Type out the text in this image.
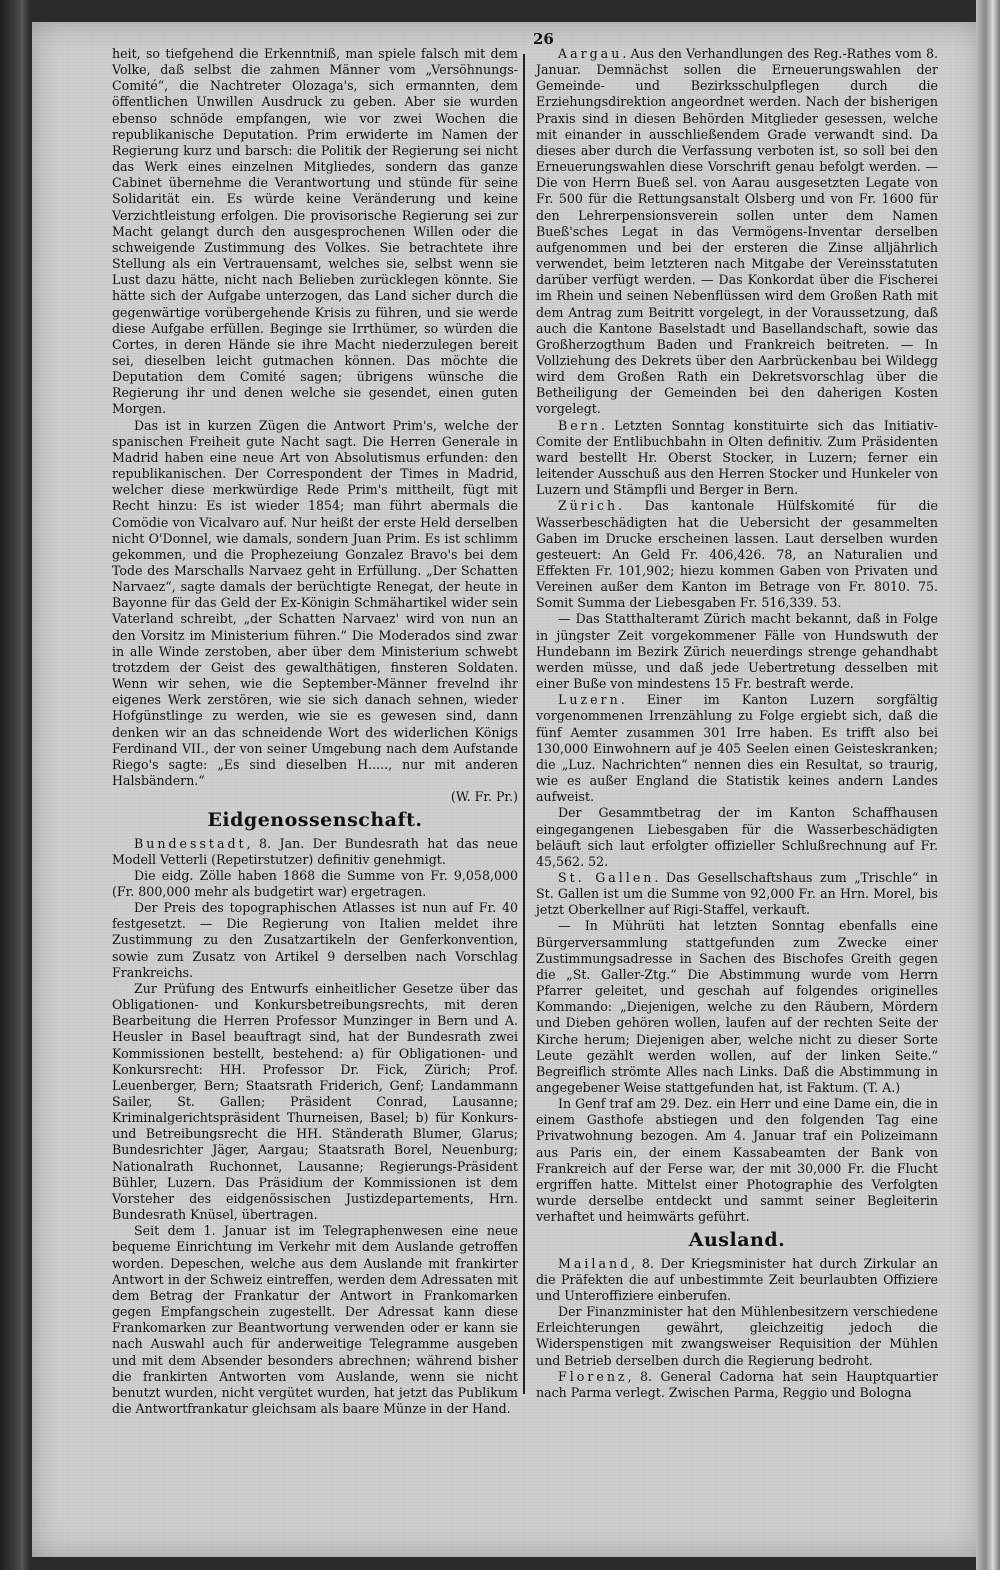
26

heit, so tiefgehend die Erkenntniß, man spiele falsch mit dem Volke, daß selbst die zahmen Männer vom „Versöhnungs-Comité“, die Nachtreter Olozaga's, sich ermannten, dem öffentlichen Unwillen Ausdruck zu geben. Aber sie wurden ebenso schnöde empfangen, wie vor zwei Wochen die republikanische Deputation. Prim erwiderte im Namen der Regierung kurz und barsch: die Politik der Regierung sei nicht das Werk eines einzelnen Mitgliedes, sondern das ganze Cabinet übernehme die Verantwortung und stünde für seine Solidarität ein. Es würde keine Veränderung und keine Verzichtleistung erfolgen. Die provisorische Regierung sei zur Macht gelangt durch den ausgesprochenen Willen oder die schweigende Zustimmung des Volkes. Sie betrachtete ihre Stellung als ein Vertrauensamt, welches sie, selbst wenn sie Lust dazu hätte, nicht nach Belieben zurücklegen könnte. Sie hätte sich der Aufgabe unterzogen, das Land sicher durch die gegenwärtige vorübergehende Krisis zu führen, und sie werde diese Aufgabe erfüllen. Beginge sie Irrthümer, so würden die Cortes, in deren Hände sie ihre Macht niederzulegen bereit sei, dieselben leicht gutmachen können. Das möchte die Deputation dem Comité sagen; übrigens wünsche die Regierung ihr und denen welche sie gesendet, einen guten Morgen.

Das ist in kurzen Zügen die Antwort Prim's, welche der spanischen Freiheit gute Nacht sagt. Die Herren Generale in Madrid haben eine neue Art von Absolutismus erfunden: den republikanischen. Der Correspondent der Times in Madrid, welcher diese merkwürdige Rede Prim's mittheilt, fügt mit Recht hinzu: Es ist wieder 1854; man führt abermals die Comödie von Vicalvaro auf. Nur heißt der erste Held derselben nicht O'Donnel, wie damals, sondern Juan Prim. Es ist schlimm gekommen, und die Prophezeiung Gonzalez Bravo's bei dem Tode des Marschalls Narvaez geht in Erfüllung. „Der Schatten Narvaez“, sagte damals der berüchtigte Renegat, der heute in Bayonne für das Geld der Ex-Königin Schmähartikel wider sein Vaterland schreibt, „der Schatten Narvaez' wird von nun an den Vorsitz im Ministerium führen.“ Die Moderados sind zwar in alle Winde zerstoben, aber über dem Ministerium schwebt trotzdem der Geist des gewalthätigen, finsteren Soldaten. Wenn wir sehen, wie die September-Männer frevelnd ihr eigenes Werk zerstören, wie sie sich danach sehnen, wieder Hofgünstlinge zu werden, wie sie es gewesen sind, dann denken wir an das schneidende Wort des widerlichen Königs Ferdinand VII., der von seiner Umgebung nach dem Aufstande Riego's sagte: „Es sind dieselben H....., nur mit anderen Halsbändern.“

(W. Fr. Pr.)

Eidgenossenschaft.

Bundesstadt, 8. Jan. Der Bundesrath hat das neue Modell Vetterli (Repetirstutzer) definitiv genehmigt.

Die eidg. Zölle haben 1868 die Summe von Fr. 9,058,000 (Fr. 800,000 mehr als budgetirt war) ergetragen.

Der Preis des topographischen Atlasses ist nun auf Fr. 40 festgesetzt. — Die Regierung von Italien meldet ihre Zustimmung zu den Zusatzartikeln der Genferkonvention, sowie zum Zusatz von Artikel 9 derselben nach Vorschlag Frankreichs.

Zur Prüfung des Entwurfs einheitlicher Gesetze über das Obligationen- und Konkursbetreibungsrechts, mit deren Bearbeitung die Herren Professor Munzinger in Bern und A. Heusler in Basel beauftragt sind, hat der Bundesrath zwei Kommissionen bestellt, bestehend: a) für Obligationen- und Konkursrecht: HH. Professor Dr. Fick, Zürich; Prof. Leuenberger, Bern; Staatsrath Friderich, Genf; Landammann Sailer, St. Gallen; Präsident Conrad, Lausanne; Kriminalgerichtspräsident Thurneisen, Basel; b) für Konkurs- und Betreibungsrecht die HH. Ständerath Blumer, Glarus; Bundesrichter Jäger, Aargau; Staatsrath Borel, Neuenburg; Nationalrath Ruchonnet, Lausanne; Regierungs-Präsident Bühler, Luzern. Das Präsidium der Kommissionen ist dem Vorsteher des eidgenössischen Justizdepartements, Hrn. Bundesrath Knüsel, übertragen.

Seit dem 1. Januar ist im Telegraphenwesen eine neue bequeme Einrichtung im Verkehr mit dem Auslande getroffen worden. Depeschen, welche aus dem Auslande mit frankirter Antwort in der Schweiz eintreffen, werden dem Adressaten mit dem Betrag der Frankatur der Antwort in Frankomarken gegen Empfangschein zugestellt. Der Adressat kann diese Frankomarken zur Beantwortung verwenden oder er kann sie nach Auswahl auch für anderweitige Telegramme ausgeben und mit dem Absender besonders abrechnen; während bisher die frankirten Antworten vom Auslande, wenn sie nicht benutzt wurden, nicht vergütet wurden, hat jetzt das Publikum die Antwortfrankatur gleichsam als baare Münze in der Hand.

Aargau. Aus den Verhandlungen des Reg.-Rathes vom 8. Januar. Demnächst sollen die Erneuerungswahlen der Gemeinde- und Bezirksschulpflegen durch die Erziehungsdirektion angeordnet werden. Nach der bisherigen Praxis sind in diesen Behörden Mitglieder gesessen, welche mit einander in ausschließendem Grade verwandt sind. Da dieses aber durch die Verfassung verboten ist, so soll bei den Erneuerungswahlen diese Vorschrift genau befolgt werden. — Die von Herrn Bueß sel. von Aarau ausgesetzten Legate von Fr. 500 für die Rettungsanstalt Olsberg und von Fr. 1600 für den Lehrerpensionsverein sollen unter dem Namen Bueß'sches Legat in das Vermögens-Inventar derselben aufgenommen und bei der ersteren die Zinse alljährlich verwendet, beim letzteren nach Mitgabe der Vereinsstatuten darüber verfügt werden. — Das Konkordat über die Fischerei im Rhein und seinen Nebenflüssen wird dem Großen Rath mit dem Antrag zum Beitritt vorgelegt, in der Voraussetzung, daß auch die Kantone Baselstadt und Basellandschaft, sowie das Großherzogthum Baden und Frankreich beitreten. — In Vollziehung des Dekrets über den Aarbrückenbau bei Wildegg wird dem Großen Rath ein Dekretsvorschlag über die Betheiligung der Gemeinden bei den daherigen Kosten vorgelegt.

Bern. Letzten Sonntag konstituirte sich das Initiativ-Comite der Entlibuchbahn in Olten definitiv. Zum Präsidenten ward bestellt Hr. Oberst Stocker, in Luzern; ferner ein leitender Ausschuß aus den Herren Stocker und Hunkeler von Luzern und Stämpfli und Berger in Bern.

Zürich. Das kantonale Hülfskomité für die Wasserbeschädigten hat die Uebersicht der gesammelten Gaben im Drucke erscheinen lassen. Laut derselben wurden gesteuert: An Geld Fr. 406,426. 78, an Naturalien und Effekten Fr. 101,902; hiezu kommen Gaben von Privaten und Vereinen außer dem Kanton im Betrage von Fr. 8010. 75. Somit Summa der Liebesgaben Fr. 516,339. 53.

— Das Statthalteramt Zürich macht bekannt, daß in Folge in jüngster Zeit vorgekommener Fälle von Hundswuth der Hundebann im Bezirk Zürich neuerdings strenge gehandhabt werden müsse, und daß jede Uebertretung desselben mit einer Buße von mindestens 15 Fr. bestraft werde.

Luzern. Einer im Kanton Luzern sorgfältig vorgenommenen Irrenzählung zu Folge ergiebt sich, daß die fünf Aemter zusammen 301 Irre haben. Es trifft also bei 130,000 Einwohnern auf je 405 Seelen einen Geisteskranken; die „Luz. Nachrichten“ nennen dies ein Resultat, so traurig, wie es außer England die Statistik keines andern Landes aufweist.

Der Gesammtbetrag der im Kanton Schaffhausen eingegangenen Liebesgaben für die Wasserbeschädigten beläuft sich laut erfolgter offizieller Schlußrechnung auf Fr. 45,562. 52.

St. Gallen. Das Gesellschaftshaus zum „Trischle“ in St. Gallen ist um die Summe von 92,000 Fr. an Hrn. Morel, bis jetzt Oberkellner auf Rigi-Staffel, verkauft.

— In Mührüti hat letzten Sonntag ebenfalls eine Bürgerversammlung stattgefunden zum Zwecke einer Zustimmungsadresse in Sachen des Bischofes Greith gegen die „St. Galler-Ztg.“ Die Abstimmung wurde vom Herrn Pfarrer geleitet, und geschah auf folgendes originelles Kommando: „Diejenigen, welche zu den Räubern, Mördern und Dieben gehören wollen, laufen auf der rechten Seite der Kirche herum; Diejenigen aber, welche nicht zu dieser Sorte Leute gezählt werden wollen, auf der linken Seite.“ Begreiflich strömte Alles nach Links. Daß die Abstimmung in angegebener Weise stattgefunden hat, ist Faktum. (T. A.)

In Genf traf am 29. Dez. ein Herr und eine Dame ein, die in einem Gasthofe abstiegen und den folgenden Tag eine Privatwohnung bezogen. Am 4. Januar traf ein Polizeimann aus Paris ein, der einem Kassabeamten der Bank von Frankreich auf der Ferse war, der mit 30,000 Fr. die Flucht ergriffen hatte. Mittelst einer Photographie des Verfolgten wurde derselbe entdeckt und sammt seiner Begleiterin verhaftet und heimwärts geführt.

Ausland.

Mailand, 8. Der Kriegsminister hat durch Zirkular an die Präfekten die auf unbestimmte Zeit beurlaubten Offiziere und Unteroffiziere einberufen.

Der Finanzminister hat den Mühlenbesitzern verschiedene Erleichterungen gewährt, gleichzeitig jedoch die Widerspenstigen mit zwangsweiser Requisition der Mühlen und Betrieb derselben durch die Regierung bedroht.

Florenz, 8. General Cadorna hat sein Hauptquartier nach Parma verlegt. Zwischen Parma, Reggio und Bologna
